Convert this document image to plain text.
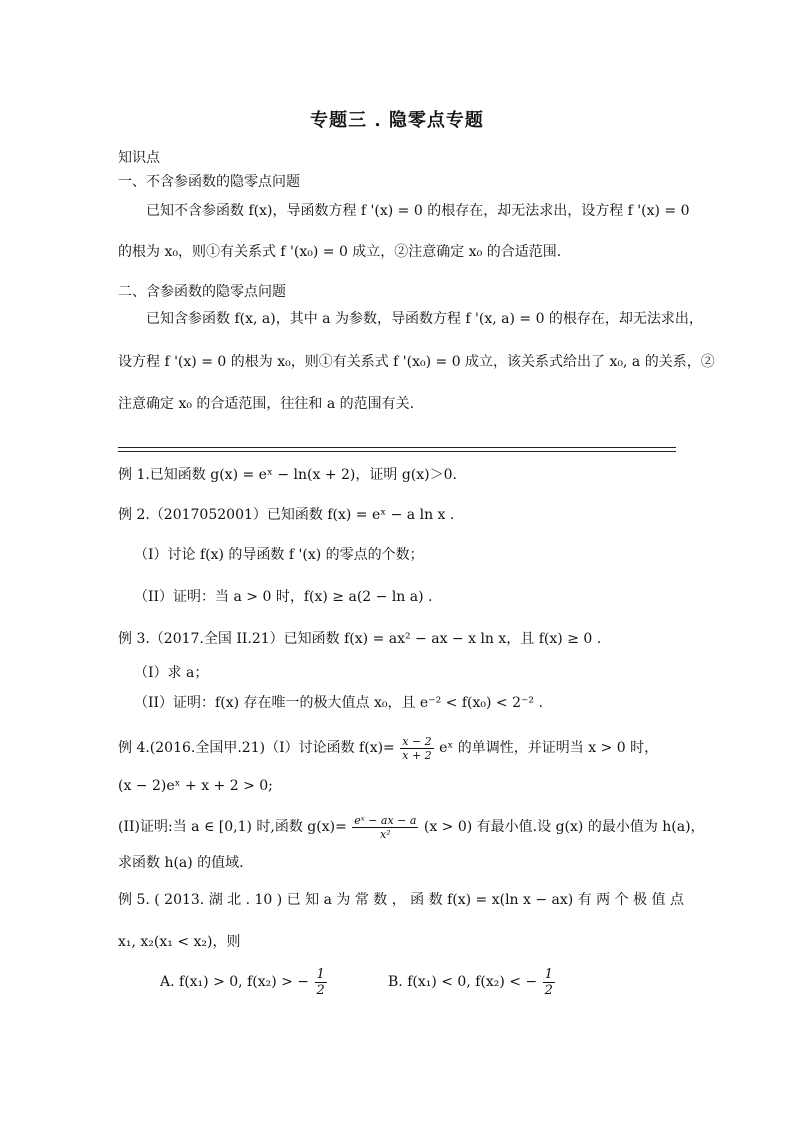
专题三 . 隐零点专题
知识点
一、不含参函数的隐零点问题
已知不含参函数 f(x)，导函数方程 f '(x) = 0 的根存在，却无法求出，设方程 f '(x) = 0
的根为 x₀，则①有关系式 f '(x₀) = 0 成立，②注意确定 x₀ 的合适范围.
二、含参函数的隐零点问题
已知含参函数 f(x, a)，其中 a 为参数，导函数方程 f '(x, a) = 0 的根存在，却无法求出，
设方程 f '(x) = 0 的根为 x₀，则①有关系式 f '(x₀) = 0 成立，该关系式给出了 x₀, a 的关系，②
注意确定 x₀ 的合适范围，往往和 a 的范围有关.
例 1.已知函数 g(x) = eˣ − ln(x + 2)，证明 g(x)＞0.
例 2.（2017052001）已知函数 f(x) = eˣ − a ln x .
（I）讨论 f(x) 的导函数 f '(x) 的零点的个数；
（II）证明：当 a > 0 时，f(x) ≥ a(2 − ln a) .
例 3.（2017.全国 II.21）已知函数 f(x) = ax² − ax − x ln x，且 f(x) ≥ 0 .
（I）求 a；
（II）证明：f(x) 存在唯一的极大值点 x₀，且 e⁻² < f(x₀) < 2⁻² .
例 4.(2016.全国甲.21)（I）讨论函数 $f(x)= \frac{x - 2}{x + 2}$ eˣ 的单调性，并证明当 x > 0 时，
(x − 2)eˣ + x + 2 > 0;
(II)证明:当 a ∈ [0,1) 时,函数 $g(x)= \frac{\text{eˣ − ax − a}}{\text{x²}} (x > 0)$ 有最小值.设 g(x) 的最小值为 h(a)，
求函数 h(a) 的值域.
例 5. ( 2013. 湖 北 . 10 ) 已 知 a 为 常 数 ， 函 数 f(x) = x(ln x − ax) 有 两 个 极 值 点
x₁, x₂(x₁ < x₂)，则
A. f(x₁) > 0, f(x₂) > − $\frac{1}{2}$	B. f(x₁) < 0, f(x₂) < − $\frac{1}{2}$
